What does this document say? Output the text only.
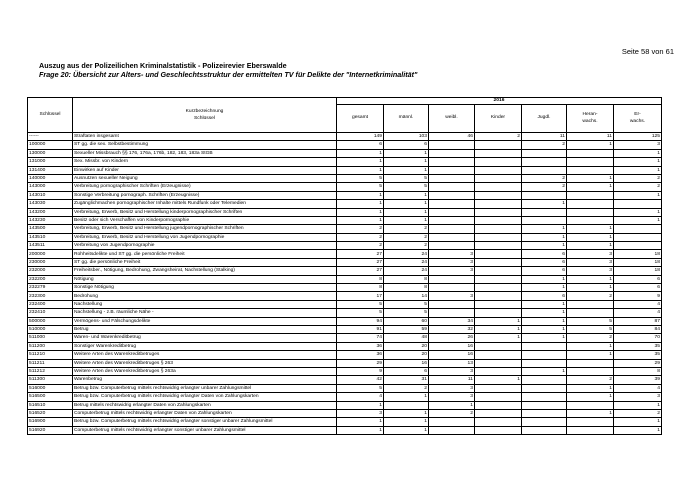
Seite 58 von 61
Auszug aus der Polizeilichen Kriminalstatistik - Polizeirevier Eberswalde
Frage 20: Übersicht zur Alters- und Geschlechtsstruktur der ermittelten TV für Delikte der "Internetkriminalität"
Schlüssel	Kurzbezeichnung
Schlüssel	2016						
		gesamt	männl.	weibl.	Kinder	Jugdl.	Heran-
wachs.	Er-
wachs.
------	Straftaten insgesamt	149	103	46	2	11	11	125
100000	ST gg. die sex. Selbstbestimmung	6	6			2	1	3
130000	Sexueller Missbrauch §§ 176, 176a, 176b, 182, 183, 183a StGB	1	1					1
131000	Sex. Missbr. von Kindern	1	1					1
131400	Einwirken auf Kinder	1	1					1
140000	Ausnutzen sexueller Neigung	5	5			2	1	2
143000	Verbreitung pornographischer Schriften (Erzeugnisse)	5	5			2	1	2
143010	Sonstige Verbreitung pornograph. Schriften (Erzeugnisse)	1	1					1
143030	Zugänglichmachen pornographischer Inhalte mittels Rundfunk oder Telemedien	1	1			1		
143200	Verbreitung, Erwerb, Besitz und Herstellung kinderpornographischer Schriften	1	1					1
143230	Besitz oder sich Verschaffen von Kinderpornographie	1	1					1
143500	Verbreitung, Erwerb, Besitz und Herstellung jugendpornographischer Schriften	2	2			1	1	
143510	Verbreitung, Erwerb, Besitz und Herstellung von Jugendpornographie	2	2			1	1	
143511	Verbreitung von Jugendpornographie	2	2			1	1	
200000	Rohheitsdelikte und ST gg. die persönliche Freiheit	27	24	3		6	3	18
230000	ST gg. die persönliche Freiheit	27	24	3		6	3	18
232000	Freiheitsber., Nötigung, Bedrohung, Zwangsheirat, Nachstellung (Stalking)	27	24	3		6	3	18
232200	Nötigung	8	8			1	1	6
232279	Sonstige Nötigung	8	8			1	1	6
232300	Bedrohung	17	14	3		6	2	9
232400	Nachstellung	5	5			1		4
232410	Nachstellung - z.B. räumliche Nähe -	5	5			1		4
500000	Vermögens- und Fälschungsdelikte	94	60	34	1	1	5	87
510000	Betrug	91	59	32	1	1	5	84
511000	Waren- und Warenkreditbetrug	74	48	26	1	1	2	70
511200	Sonstiger Warenkreditbetrug	36	20	16			1	35
511210	Weitere Arten des Warenkreditbetruges	36	20	16			1	35
511211	Weitere Arten des Warenkreditbetruges § 263	29	16	13				29
511212	Weitere Arten des Warenkreditbetruges § 263a	9	6	3		1		8
511300	Warenbetrug	42	31	11	1		2	39
516000	Betrug bzw. Computerbetrug mittels rechtswidrig erlangter unbarer Zahlungsmittel	5	2	3			1	4
516500	Betrug bzw. Computerbetrug mittels rechtswidrig erlangter Daten von Zahlungskarten	4	1	3			1	3
516510	Betrug mittels rechtswidrig erlangter Daten von Zahlungskarten	1		1				1
516520	Computerbetrug mittels rechtswidrig erlangter Daten von Zahlungskarten	3	1	2			1	2
516900	Betrug bzw. Computerbetrug mittels rechtswidrig erlangter sonstiger unbarer Zahlungsmittel	1	1					1
516920	Computerbetrug mittels rechtswidrig erlangter sonstiger unbarer Zahlungsmittel	1	1					1
